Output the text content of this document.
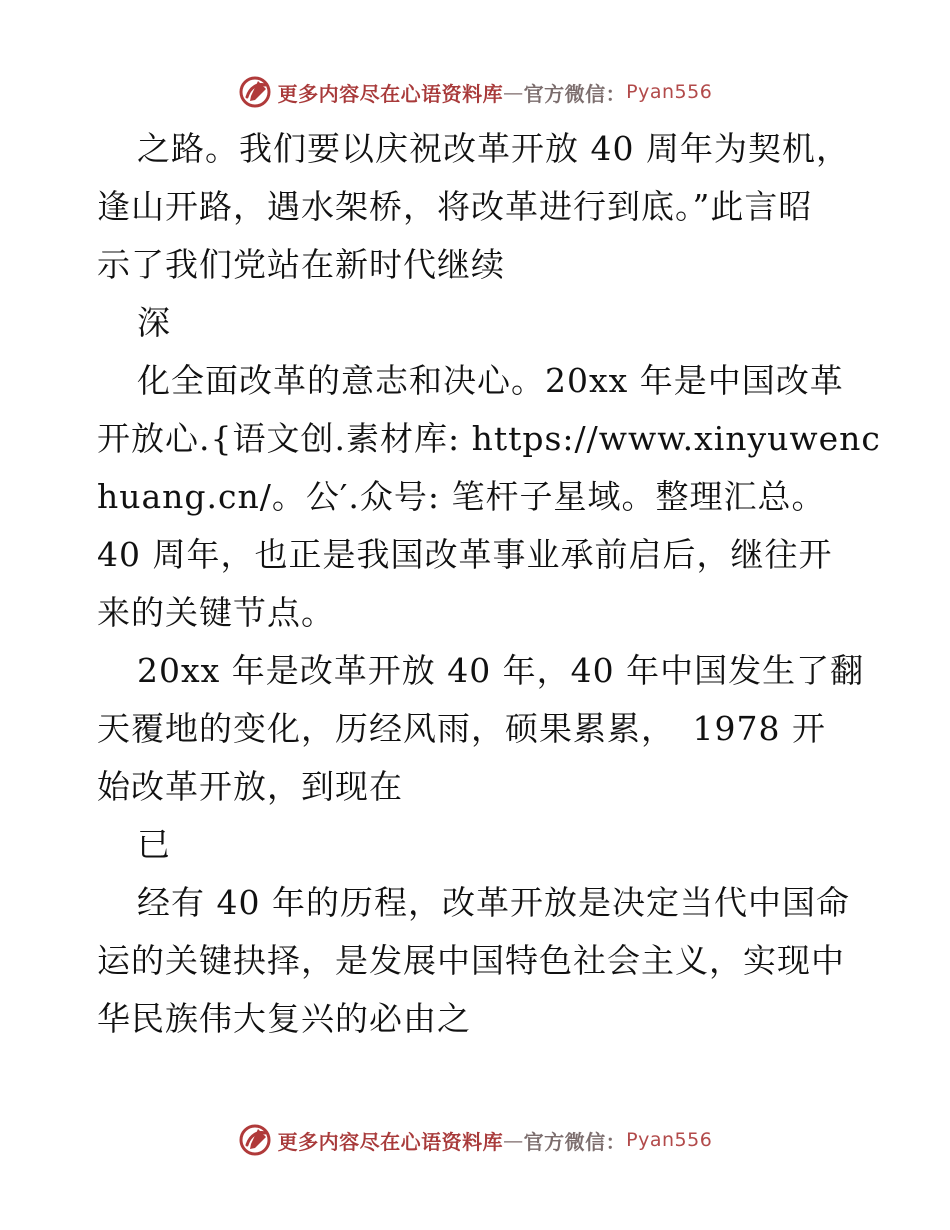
更多内容尽在心语资料库 — 官方微信： Pyan556
之路。我们要以庆祝改革开放 40 周年为契机，
逢山开路，遇水架桥，将改革进行到底。”此言昭
示了我们党站在新时代继续
深
化全面改革的意志和决心。20xx 年是中国改革
开放心.{语文创.素材库: https://www.xinyuwenc
huang.cn/。公′.众号: 笔杆子星域。整理汇总。
40 周年，也正是我国改革事业承前启后，继往开
来的关键节点。
20xx 年是改革开放 40 年，40 年中国发生了翻
天覆地的变化，历经风雨，硕果累累，　1978 开
始改革开放，到现在
已
经有 40 年的历程，改革开放是决定当代中国命
运的关键抉择，是发展中国特色社会主义，实现中
华民族伟大复兴的必由之
更多内容尽在心语资料库 — 官方微信： Pyan556
